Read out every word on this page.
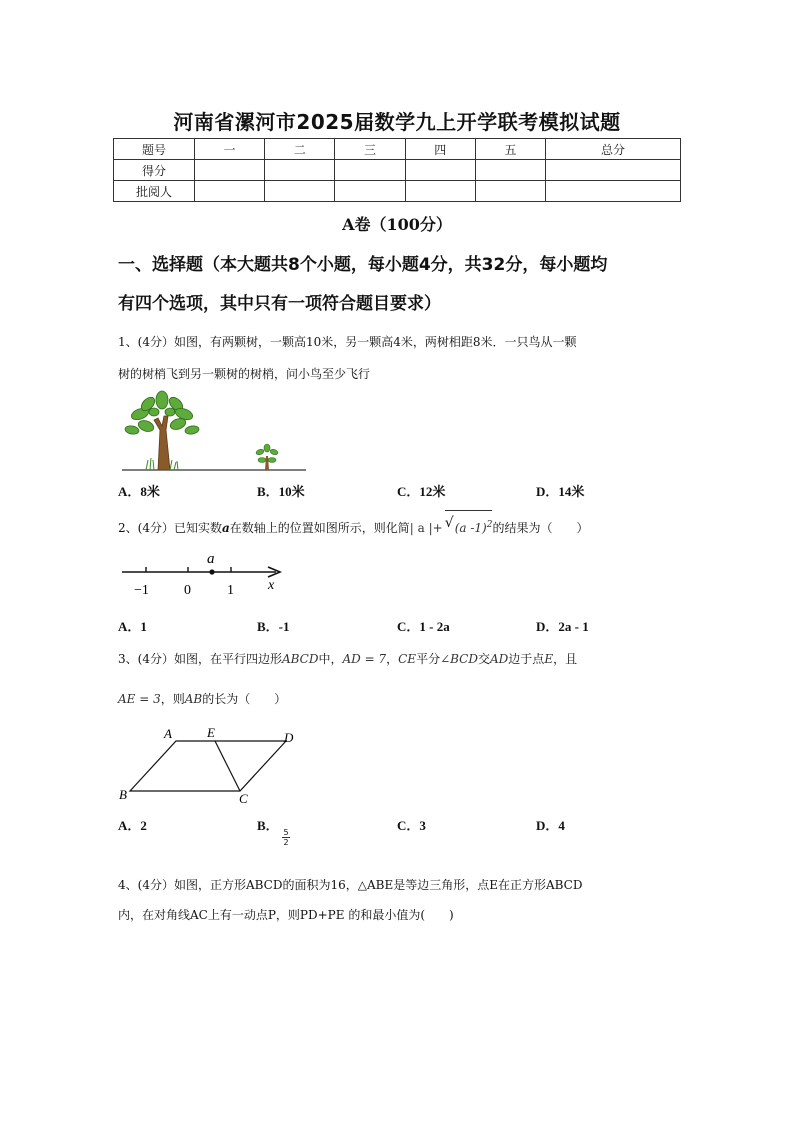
河南省漯河市2025届数学九上开学联考模拟试题
题号	一	二	三	四	五	总分
得分						
批阅人						
A卷（100分）
一、选择题（本大题共8个小题，每小题4分，共32分，每小题均
有四个选项，其中只有一项符合题目要求）
1、(4分）如图，有两颗树，一颗高10米，另一颗高4米，两树相距8米．一只鸟从一颗
树的树梢飞到另一颗树的树梢，问小鸟至少飞行
A．8米	B．10米	C．12米	D．14米
2、(4分）已知实数a在数轴上的位置如图所示，则化简| a |+ √ (a -1)$^2$的结果为（　　）
a
−1	0	1 x
A．1	B．-1	C．1 - 2a	D．2a - 1
3、(4分）如图，在平行四边形ABCD中，AD = 7，CE平分∠BCD交AD边于点E，且
AE = 3，则AB的长为（　　）
A	E	D
B	C
A．2	B．
$\frac{5}{2}$
C．3	D．4
4、(4分）如图，正方形ABCD的面积为16，△ABE是等边三角形，点E在正方形ABCD
内，在对角线AC上有一动点P，则PD+PE 的和最小值为(　　)
